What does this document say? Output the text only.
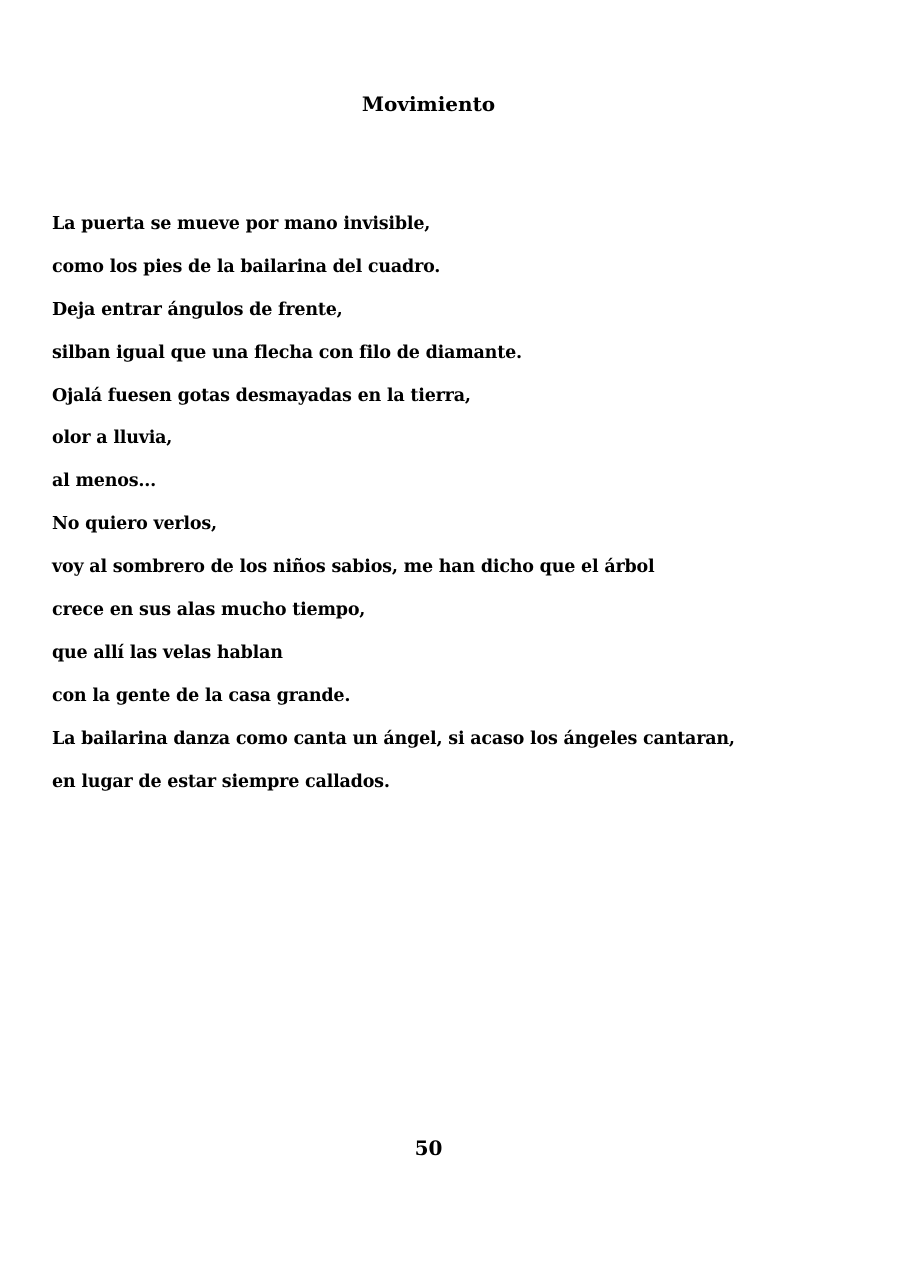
Movimiento
La puerta se mueve por mano invisible,
como los pies de la bailarina del cuadro.
Deja entrar ángulos de frente,
silban igual que una flecha con filo de diamante.
Ojalá fuesen gotas desmayadas en la tierra,
olor a lluvia,
al menos...
No quiero verlos,
voy al sombrero de los niños sabios, me han dicho que el árbol
crece en sus alas mucho tiempo,
que allí las velas hablan
con la gente de la casa grande.
La bailarina danza como canta un ángel, si acaso los ángeles cantaran,
en lugar de estar siempre callados.
50
